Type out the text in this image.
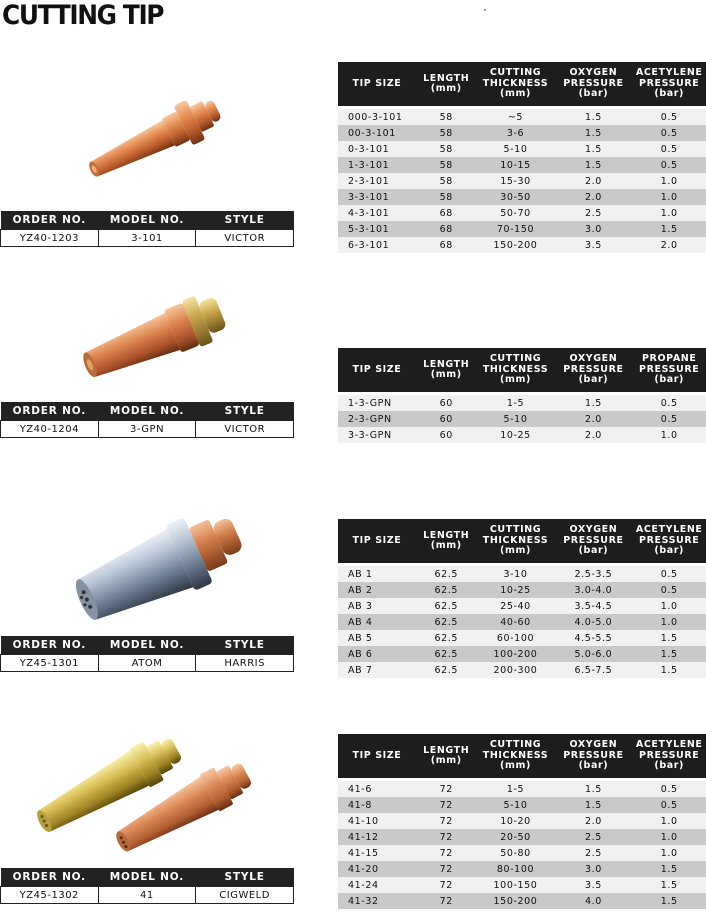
CUTTING TIP
ORDER NO.	MODEL NO.	STYLE
YZ40-1203	3-101	VICTOR
ORDER NO.	MODEL NO.	STYLE
YZ40-1204	3-GPN	VICTOR
ORDER NO.	MODEL NO.	STYLE
YZ45-1301	ATOM	HARRIS
ORDER NO.	MODEL NO.	STYLE
YZ45-1302	41	CIGWELD
TIP SIZE	LENGTH (mm)	CUTTING THICKNESS (mm)	OXYGEN PRESSURE (bar)	ACETYLENE PRESSURE (bar)
000-3-101	58	~5	1.5	0.5
00-3-101	58	3-6	1.5	0.5
0-3-101	58	5-10	1.5	0.5
1-3-101	58	10-15	1.5	0.5
2-3-101	58	15-30	2.0	1.0
3-3-101	58	30-50	2.0	1.0
4-3-101	68	50-70	2.5	1.0
5-3-101	68	70-150	3.0	1.5
6-3-101	68	150-200	3.5	2.0
TIP SIZE	LENGTH (mm)	CUTTING THICKNESS (mm)	OXYGEN PRESSURE (bar)	PROPANE PRESSURE (bar)
1-3-GPN	60	1-5	1.5	0.5
2-3-GPN	60	5-10	2.0	0.5
3-3-GPN	60	10-25	2.0	1.0
TIP SIZE	LENGTH (mm)	CUTTING THICKNESS (mm)	OXYGEN PRESSURE (bar)	ACETYLENE PRESSURE (bar)
AB 1	62.5	3-10	2.5-3.5	0.5
AB 2	62.5	10-25	3.0-4.0	0.5
AB 3	62.5	25-40	3.5-4.5	1.0
AB 4	62.5	40-60	4.0-5.0	1.0
AB 5	62.5	60-100	4.5-5.5	1.5
AB 6	62.5	100-200	5.0-6.0	1.5
AB 7	62.5	200-300	6.5-7.5	1.5
TIP SIZE	LENGTH (mm)	CUTTING THICKNESS (mm)	OXYGEN PRESSURE (bar)	ACETYLENE PRESSURE (bar)
41-6	72	1-5	1.5	0.5
41-8	72	5-10	1.5	0.5
41-10	72	10-20	2.0	1.0
41-12	72	20-50	2.5	1.0
41-15	72	50-80	2.5	1.0
41-20	72	80-100	3.0	1.5
41-24	72	100-150	3.5	1.5
41-32	72	150-200	4.0	1.5
